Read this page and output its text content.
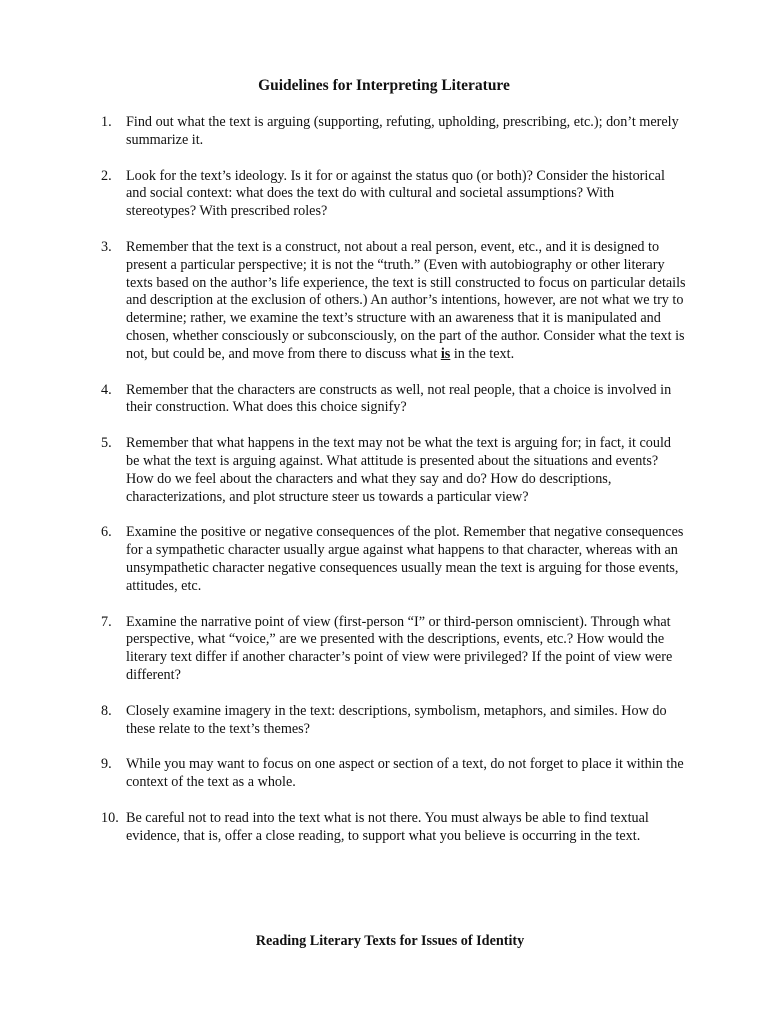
Guidelines for Interpreting Literature
1.	Find out what the text is arguing (supporting, refuting, upholding, prescribing, etc.); don’t merely summarize it.
2.	Look for the text’s ideology. Is it for or against the status quo (or both)? Consider the historical and social context: what does the text do with cultural and societal assumptions? With stereotypes? With prescribed roles?
3.	Remember that the text is a construct, not about a real person, event, etc., and it is designed to present a particular perspective; it is not the “truth.” (Even with autobiography or other literary texts based on the author’s life experience, the text is still constructed to focus on particular details and description at the exclusion of others.) An author’s intentions, however, are not what we try to determine; rather, we examine the text’s structure with an awareness that it is manipulated and chosen, whether consciously or subconsciously, on the part of the author. Consider what the text is not, but could be, and move from there to discuss what is in the text.
4.	Remember that the characters are constructs as well, not real people, that a choice is involved in their construction. What does this choice signify?
5.	Remember that what happens in the text may not be what the text is arguing for; in fact, it could be what the text is arguing against. What attitude is presented about the situations and events? How do we feel about the characters and what they say and do? How do descriptions, characterizations, and plot structure steer us towards a particular view?
6.	Examine the positive or negative consequences of the plot. Remember that negative consequences for a sympathetic character usually argue against what happens to that character, whereas with an unsympathetic character negative consequences usually mean the text is arguing for those events, attitudes, etc.
7.	Examine the narrative point of view (first-person “I” or third-person omniscient). Through what perspective, what “voice,” are we presented with the descriptions, events, etc.? How would the literary text differ if another character’s point of view were privileged? If the point of view were different?
8.	Closely examine imagery in the text: descriptions, symbolism, metaphors, and similes. How do these relate to the text’s themes?
9.	While you may want to focus on one aspect or section of a text, do not forget to place it within the context of the text as a whole.
10. Be careful not to read into the text what is not there. You must always be able to find textual evidence, that is, offer a close reading, to support what you believe is occurring in the text.
Reading Literary Texts for Issues of Identity
